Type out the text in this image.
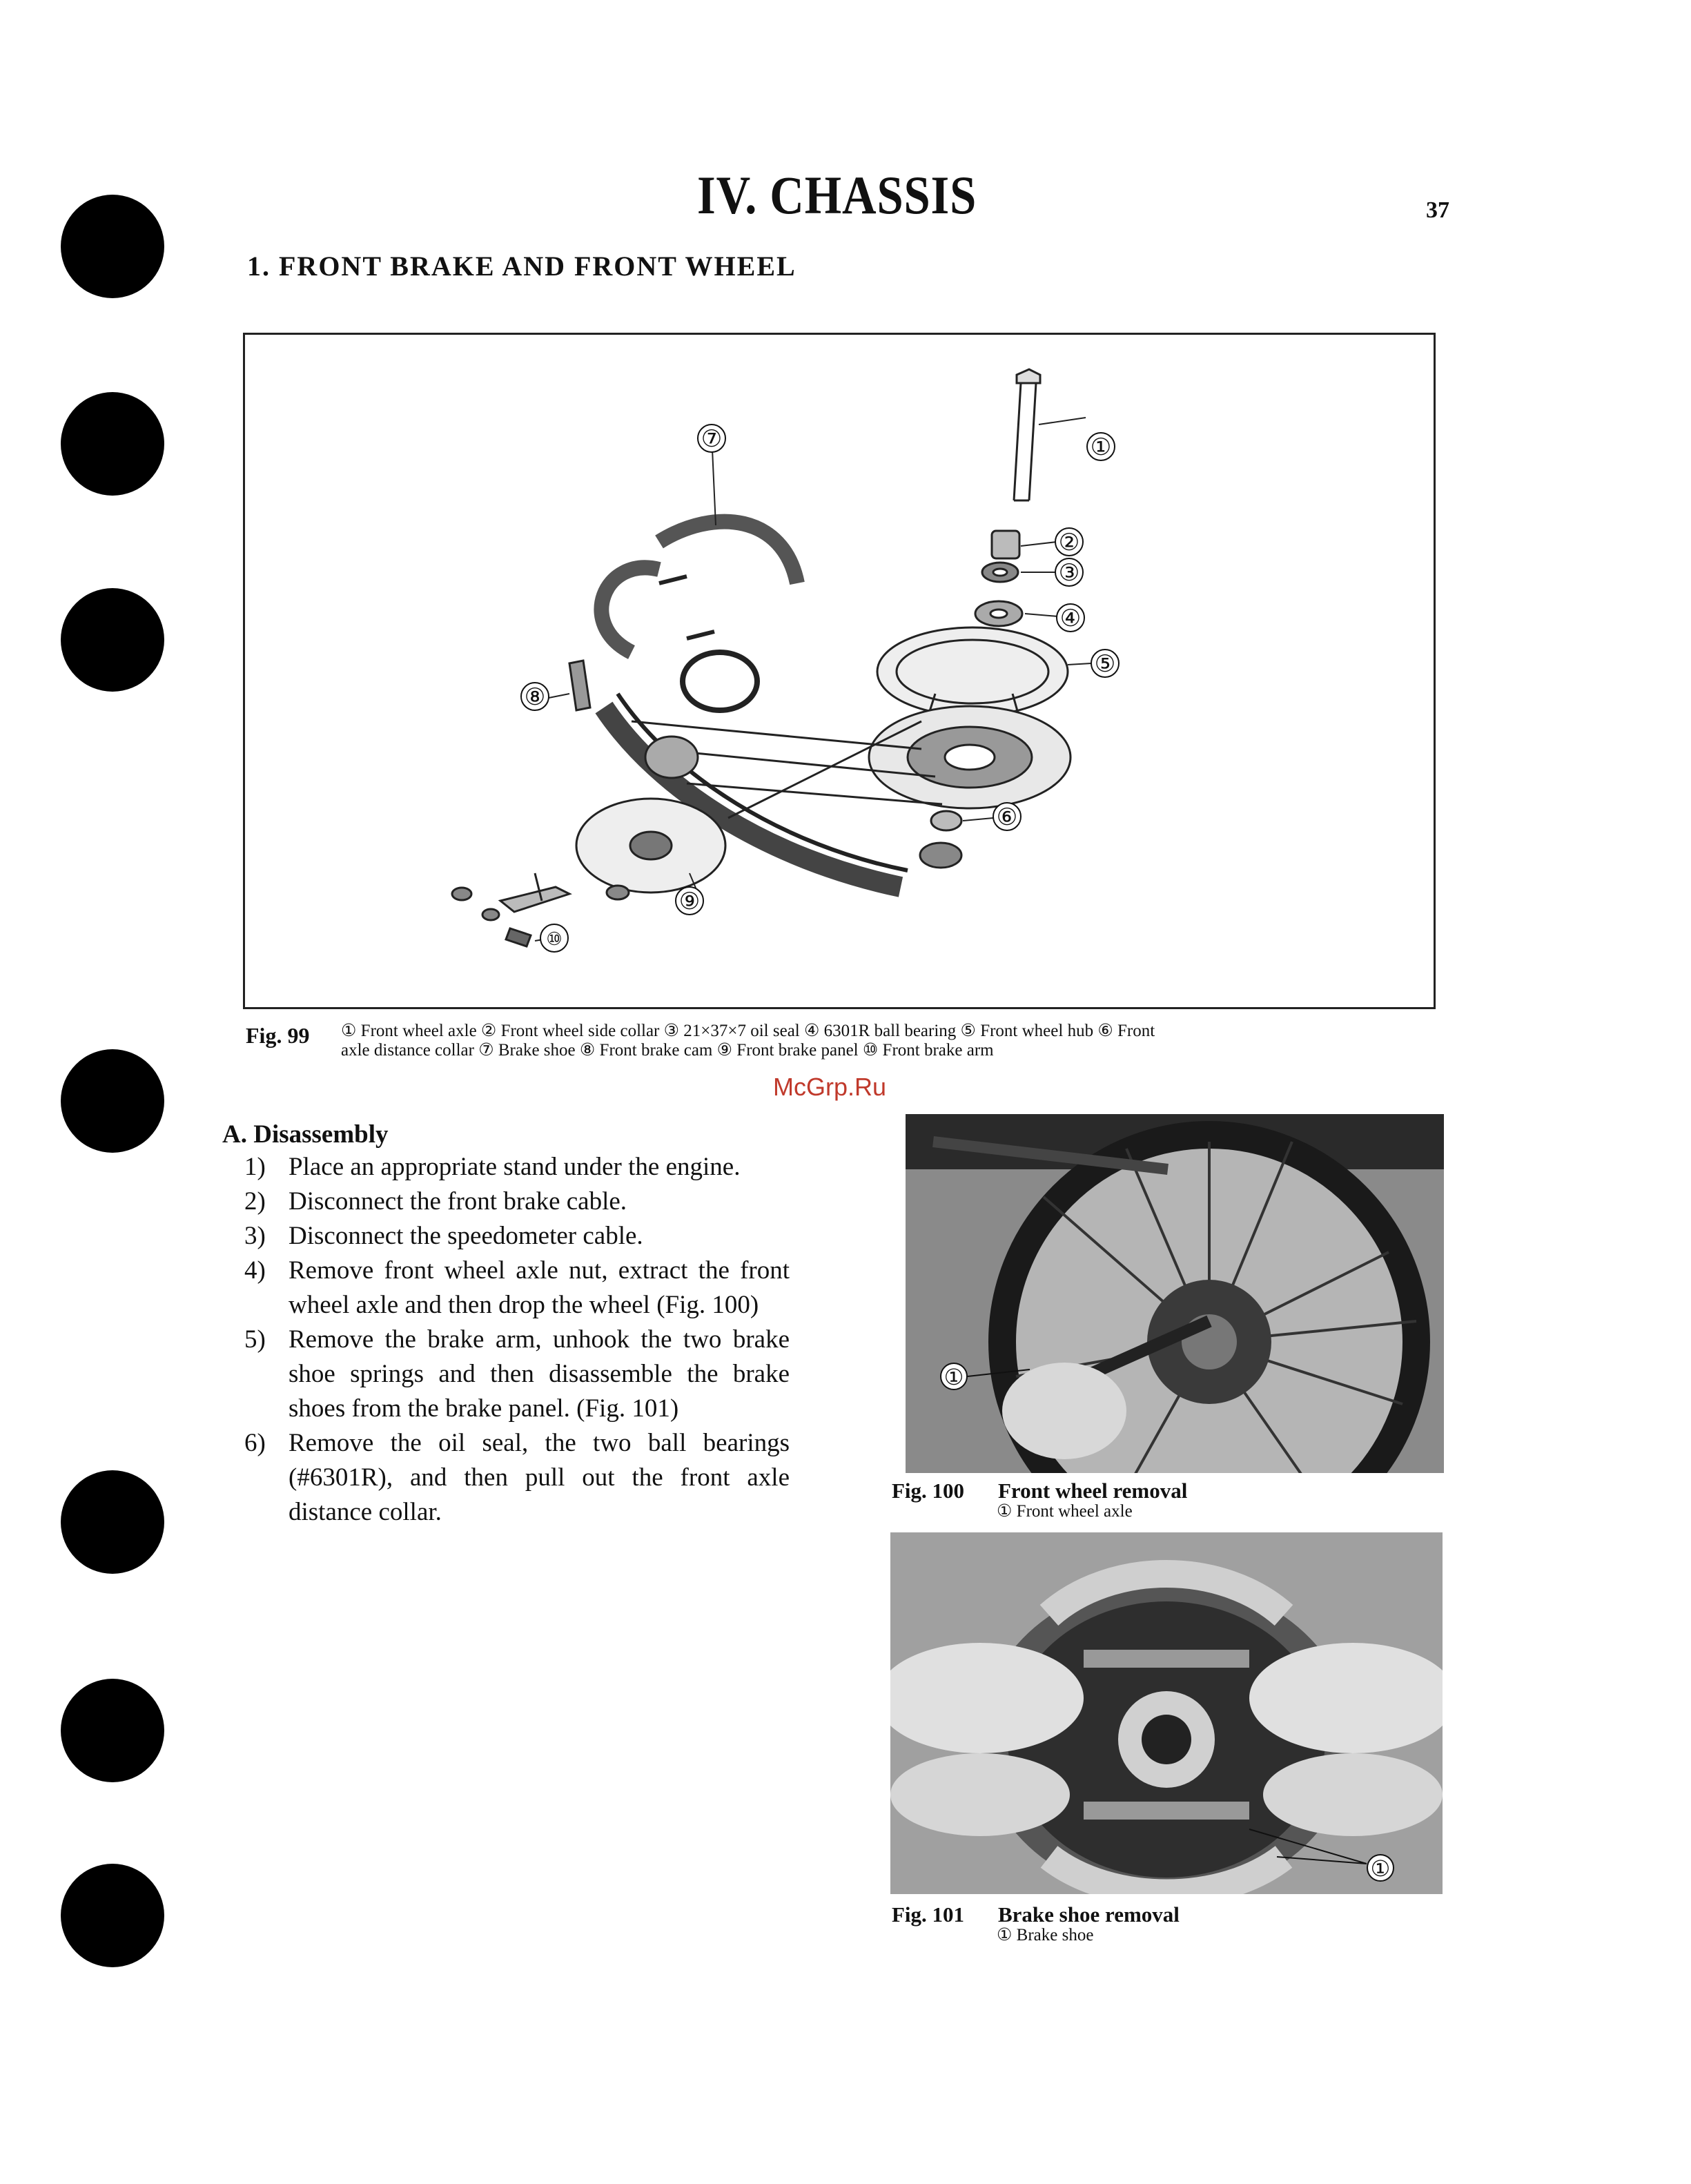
IV. CHASSIS	37
1. FRONT BRAKE AND FRONT WHEEL
①
②
③
④
⑤
⑥
⑦
⑧
⑨
⑩
Fig. 99 ① Front wheel axle ② Front wheel side collar ③ 21×37×7 oil seal ④ 6301R ball bearing ⑤ Front wheel hub ⑥ Front
axle distance collar ⑦ Brake shoe ⑧ Front brake cam ⑨ Front brake panel ⑩ Front brake arm
McGrp.Ru
A. Disassembly
1) Place an appropriate stand under the engine.
2) Disconnect the front brake cable.
3) Disconnect the speedometer cable.
4) Remove front wheel axle nut, extract the front wheel axle and then drop the wheel (Fig. 100)
5) Remove the brake arm, unhook the two brake shoe springs and then disassemble the brake shoes from the brake panel. (Fig. 101)
6) Remove the oil seal, the two ball bearings (#6301R), and then pull out the front axle distance collar.
①
Fig. 100 Front wheel removal
① Front wheel axle
①
Fig. 101 Brake shoe removal
① Brake shoe
